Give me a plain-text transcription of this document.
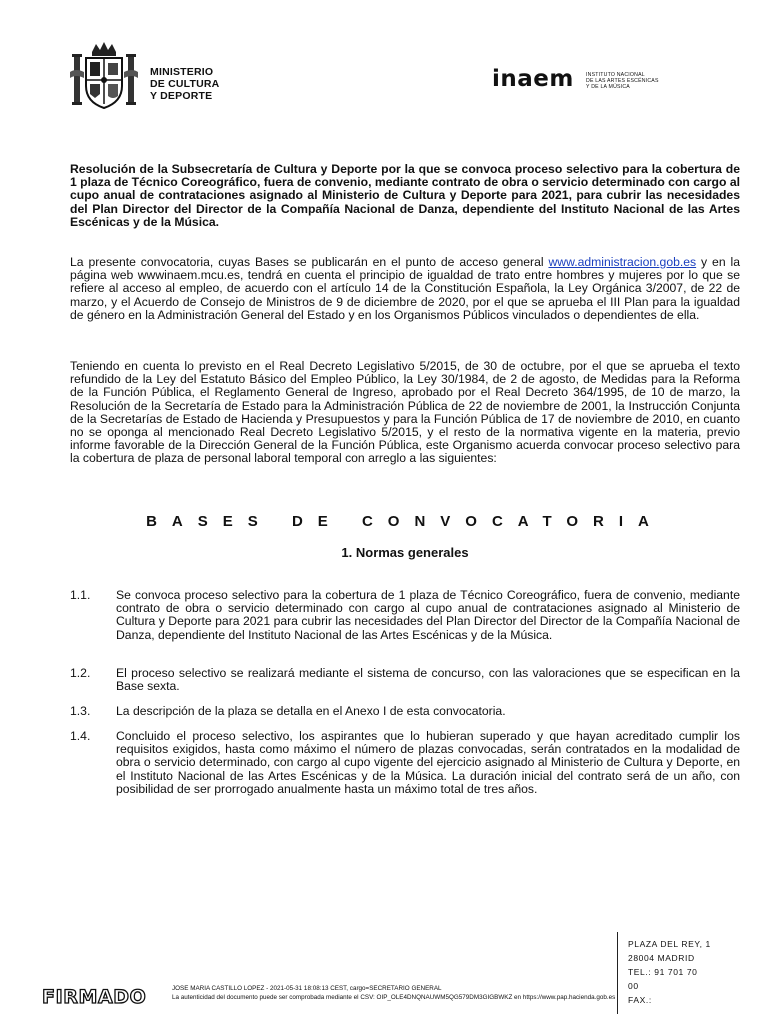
MINISTERIO
DE CULTURA
Y DEPORTE
inaem INSTITUTO NACIONAL
DE LAS ARTES ESCÉNICAS
Y DE LA MÚSICA
Resolución de la Subsecretaría de Cultura y Deporte por la que se convoca proceso selectivo para la cobertura de 1 plaza de Técnico Coreográfico, fuera de convenio, mediante contrato de obra o servicio determinado con cargo al cupo anual de contrataciones asignado al Ministerio de Cultura y Deporte para 2021, para cubrir las necesidades del Plan Director del Director de la Compañía Nacional de Danza, dependiente del Instituto Nacional de las Artes Escénicas y de la Música.
La presente convocatoria, cuyas Bases se publicarán en el punto de acceso general www.administracion.gob.es y en la página web wwwinaem.mcu.es, tendrá en cuenta el principio de igualdad de trato entre hombres y mujeres por lo que se refiere al acceso al empleo, de acuerdo con el artículo 14 de la Constitución Española, la Ley Orgánica 3/2007, de 22 de marzo, y el Acuerdo de Consejo de Ministros de 9 de diciembre de 2020, por el que se aprueba el III Plan para la igualdad de género en la Administración General del Estado y en los Organismos Públicos vinculados o dependientes de ella.
Teniendo en cuenta lo previsto en el Real Decreto Legislativo 5/2015, de 30 de octubre, por el que se aprueba el texto refundido de la Ley del Estatuto Básico del Empleo Público, la Ley 30/1984, de 2 de agosto, de Medidas para la Reforma de la Función Pública, el Reglamento General de Ingreso, aprobado por el Real Decreto 364/1995, de 10 de marzo, la Resolución de la Secretaría de Estado para la Administración Pública de 22 de noviembre de 2001, la Instrucción Conjunta de la Secretarías de Estado de Hacienda y Presupuestos y para la Función Pública de 17 de noviembre de 2010, en cuanto no se oponga al mencionado Real Decreto Legislativo 5/2015, y el resto de la normativa vigente en la materia, previo informe favorable de la Dirección General de la Función Pública, este Organismo acuerda convocar proceso selectivo para la cobertura de plaza de personal laboral temporal con arreglo a las siguientes:
BASES DE CONVOCATORIA
1. Normas generales
1.1.	Se convoca proceso selectivo para la cobertura de 1 plaza de Técnico Coreográfico, fuera de convenio, mediante contrato de obra o servicio determinado con cargo al cupo anual de contrataciones asignado al Ministerio de Cultura y Deporte para 2021 para cubrir las necesidades del Plan Director del Director de la Compañía Nacional de Danza, dependiente del Instituto Nacional de las Artes Escénicas y de la Música.
1.2.	El proceso selectivo se realizará mediante el sistema de concurso, con las valoraciones que se especifican en la Base sexta.
1.3.	La descripción de la plaza se detalla en el Anexo I de esta convocatoria.
1.4.	Concluido el proceso selectivo, los aspirantes que lo hubieran superado y que hayan acreditado cumplir los requisitos exigidos, hasta como máximo el número de plazas convocadas, serán contratados en la modalidad de obra o servicio determinado, con cargo al cupo vigente del ejercicio asignado al Ministerio de Cultura y Deporte, en el Instituto Nacional de las Artes Escénicas y de la Música. La duración inicial del contrato será de un año, con posibilidad de ser prorrogado anualmente hasta un máximo total de tres años.
PLAZA DEL REY, 1
28004 MADRID
TEL.: 91 701 70
00
FAX.:
FIRMADO	JOSE MARIA CASTILLO LOPEZ - 2021-05-31 18:08:13 CEST, cargo=SECRETARIO GENERAL
La autenticidad del documento puede ser comprobada mediante el CSV: OIP_OLE4DNQNAUWM5QG579DM3GIGBWKZ en https://www.pap.hacienda.gob.es
